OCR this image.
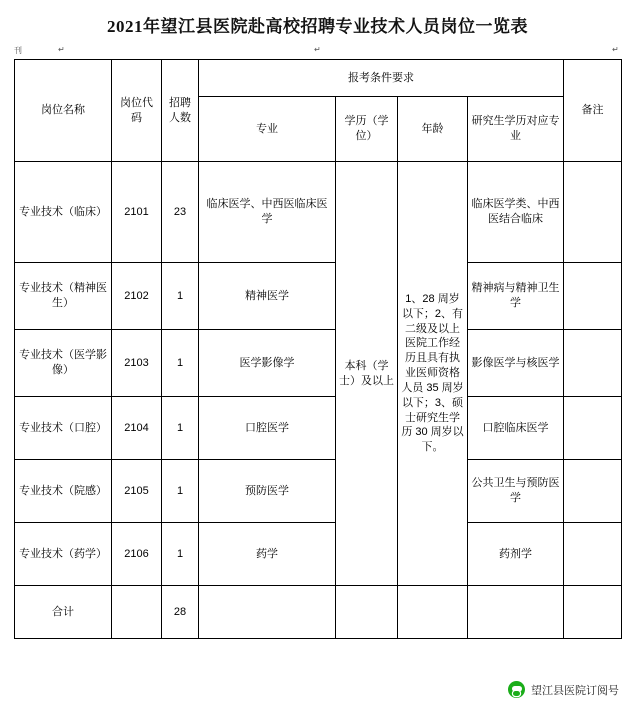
2021年望江县医院赴高校招聘专业技术人员岗位一览表
刊	↵	↵	↵
岗位名称	岗位代码	招聘人数	报考条件要求				备注
			专业	学历（学位）	年龄	研究生学历对应专业	
专业技术（临床）	2101	23	临床医学、中西医临床医学	本科（学士）及以上	1、28 周岁以下；2、有二级及以上医院工作经历且具有执业医师资格人员 35 周岁以下；3、硕士研究生学历 30 周岁以下。	临床医学类、中西医结合临床	
专业技术（精神医生）	2102	1	精神医学			精神病与精神卫生学	
专业技术（医学影像）	2103	1	医学影像学			影像医学与核医学	
专业技术（口腔）	2104	1	口腔医学			口腔临床医学	
专业技术（院感）	2105	1	预防医学			公共卫生与预防医学	
专业技术（药学）	2106	1	药学			药剂学	
合计		28					
望江县医院订阅号
